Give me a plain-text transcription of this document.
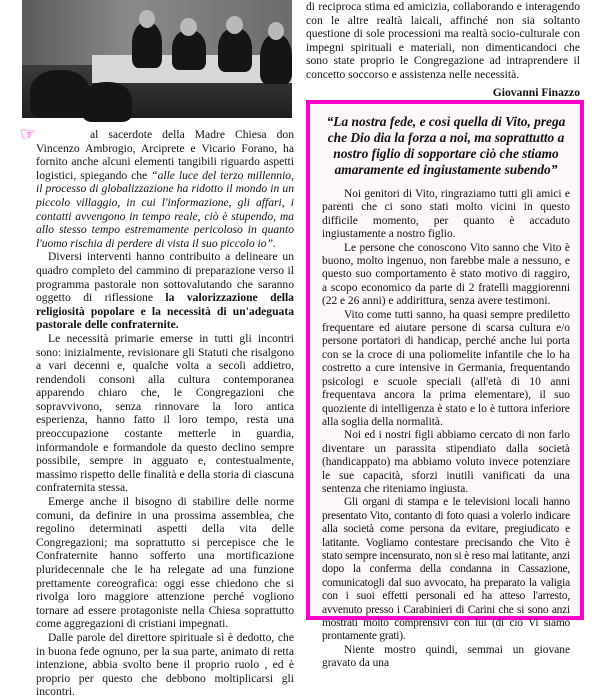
☞	al sacerdote della Madre Chiesa don Vincenzo Ambrogio, Arciprete e Vicario Forano, ha fornito anche alcuni elementi tangibili riguardo aspetti logistici, spiegando che “alle luce del terzo millennio, il processo di globalizzazione ha ridotto il mondo in un piccolo villaggio, in cui l'informazione, gli affari, i contatti avvengono in tempo reale, ciò è stupendo, ma allo stesso tempo estremamente pericoloso in quanto l'uomo rischia di perdere di vista il suo piccolo io”.

Diversi interventi hanno contribuito a delineare un quadro completo del cammino di preparazione verso il programma pastorale non sottovalutando che saranno oggetto di riflessione la valorizzazione della religiosità popolare e la necessità di un'adeguata pastorale delle confraternite.

Le necessità primarie emerse in tutti gli incontri sono: inizialmente, revisionare gli Statuti che risalgono a vari decenni e, qualche volta a secoli addietro, rendendoli consoni alla cultura contemporanea apparendo chiaro che, le Congregazioni che sopravvivono, senza rinnovare la loro antica esperienza, hanno fatto il loro tempo, resta una preoccupazione costante metterle in guardia, informandole e formandole da questo declino sempre possibile, sempre in agguato e, contestualmente, massimo rispetto delle finalità e della storia di ciascuna confraternita stessa.

Emerge anche il bisogno di stabilire delle norme comuni, da definire in una prossima assemblea, che regolino determinati aspetti della vita delle Congregazioni; ma soprattutto si percepisce che le Confraternite hanno sofferto una mortificazione pluridecennale che le ha relegate ad una funzione prettamente coreografica: oggi esse chiedono che si rivolga loro maggiore attenzione perché vogliono tornare ad essere protagoniste nella Chiesa soprattutto come aggregazioni di cristiani impegnati.

Dalle parole del direttore spirituale sì è dedotto, che in buona fede ognuno, per la sua parte, animato di retta intenzione, abbia svolto bene il proprio ruolo , ed è proprio per questo che debbono moltiplicarsi gli incontri.

di reciproca stima ed amicizia, collaborando e interagendo con le altre realtà laicali, affinché non sia soltanto questione di sole processioni ma realtà socio-culturale con impegni spirituali e materiali, non dimenticandoci che sono state proprio le Congregazione ad intraprendere il concetto soccorso e assistenza nelle necessità.

Giovanni Finazzo
“La nostra fede, e così quella di Vito, prega che Dio dia la forza a noi, ma soprattutto a nostro figlio di sopportare ciò che stiamo amaramente ed ingiustamente subendo”

Noi genitori di Vito, ringraziamo tutti gli amici e parenti che ci sono stati molto vicini in questo difficile momento, per quanto è accaduto ingiustamente a nostro figlio.

Le persone che conoscono Vito sanno che Vito è buono, molto ingenuo, non farebbe male a nessuno, e questo suo comportamento è stato motivo di raggiro, a scopo economico da parte di 2 fratelli maggiorenni (22 e 26 anni) e addirittura, senza avere testimoni.

Vito come tutti sanno, ha quasi sempre prediletto frequentare ed aiutare persone di scarsa cultura e/o persone portatori di handicap, perché anche lui porta con se la croce di una poliomelite infantile che lo ha costretto a cure intensive in Germania, frequentando psicologi e scuole speciali (all'età di 10 anni frequentava ancora la prima elementare), il suo quoziente di intelligenza è stato e lo è tuttora inferiore alla soglia della normalità.

Noi ed i nostri figli abbiamo cercato di non farlo diventare un parassita stipendiato dalla società (handicappato) ma abbiamo voluto invece potenziare le sue capacità, sforzi inutili vanificati da una sentenza che riteniamo ingiusta.

Gli organi di stampa e le televisioni locali hanno presentato Vito, contanto di foto quasi a volerlo indicare alla società come persona da evitare, pregiudicato e latitante. Vogliamo contestare precisando che Vito è stato sempre incensurato, non si è reso mai latitante, anzi dopo la conferma della condanna in Cassazione, comunicatogli dal suo avvocato, ha preparato la valigia con i suoi effetti personali ed ha atteso l'arresto, avvenuto presso i Carabinieri di Carini che si sono anzi mostrati molto comprensivi con lui (di ciò Vi siamo prontamente grati).

Niente mostro quindi, semmai un giovane gravato da una
